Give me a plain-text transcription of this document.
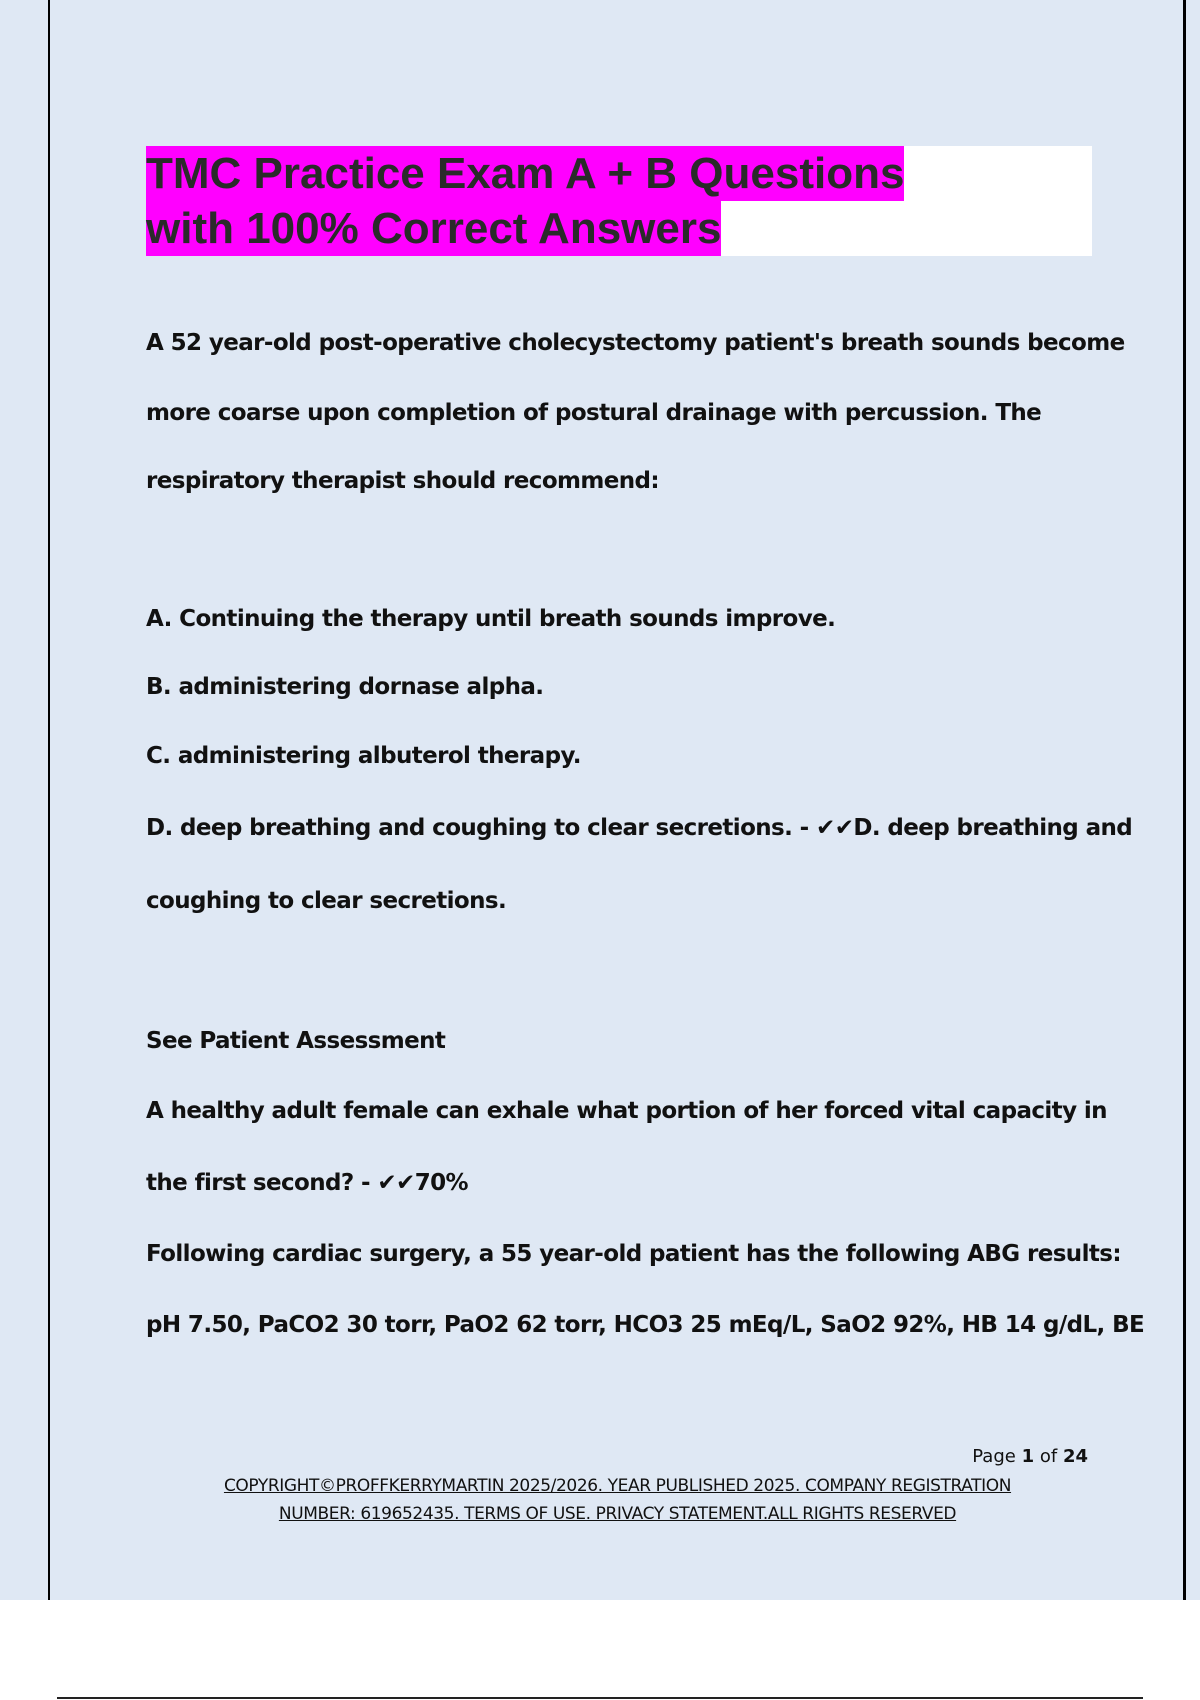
TMC Practice Exam A + B Questions
with 100% Correct Answers
A 52 year-old post-operative cholecystectomy patient's breath sounds become
more coarse upon completion of postural drainage with percussion. The
respiratory therapist should recommend:
A. Continuing the therapy until breath sounds improve.
B. administering dornase alpha.
C. administering albuterol therapy.
D. deep breathing and coughing to clear secretions. - ✔✔D. deep breathing and
coughing to clear secretions.
See Patient Assessment
A healthy adult female can exhale what portion of her forced vital capacity in
the first second? - ✔✔70%
Following cardiac surgery, a 55 year-old patient has the following ABG results:
pH 7.50, PaCO2 30 torr, PaO2 62 torr, HCO3 25 mEq/L, SaO2 92%, HB 14 g/dL, BE
Page 1 of 24
COPYRIGHT©PROFFKERRYMARTIN 2025/2026. YEAR PUBLISHED 2025. COMPANY REGISTRATION
NUMBER: 619652435. TERMS OF USE. PRIVACY STATEMENT.ALL RIGHTS RESERVED
